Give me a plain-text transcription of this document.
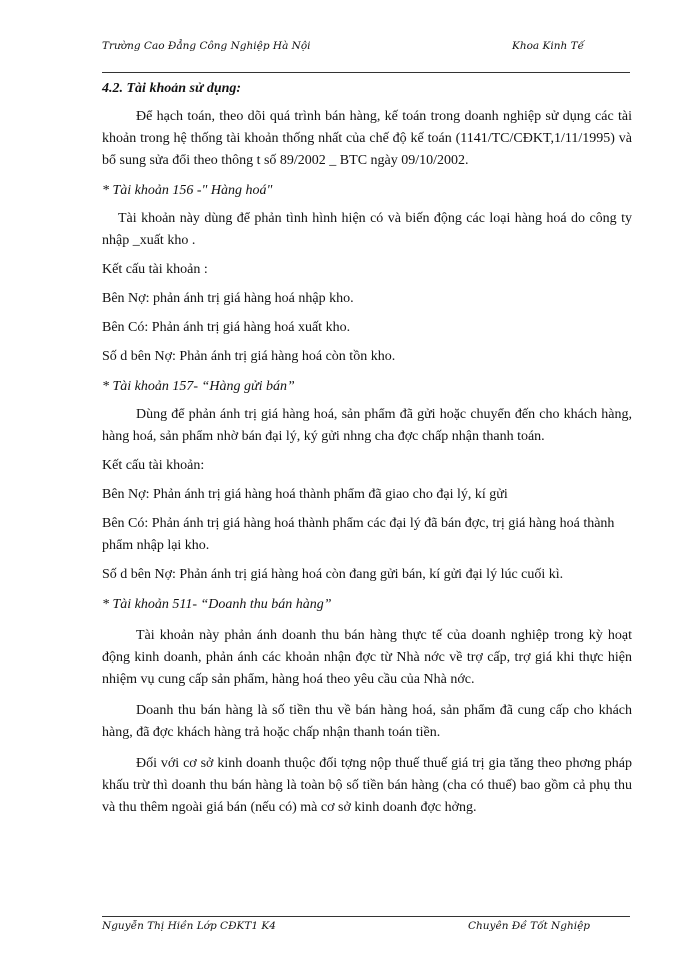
Trường Cao Đẳng Công Nghiệp Hà Nội	Khoa Kinh Tế

4.2. Tài khoản sử dụng:

Để hạch toán, theo dõi quá trình bán hàng, kế toán trong doanh nghiệp sử dụng các tài khoản trong hệ thống tài khoản thống nhất của chế độ kế toán (1141/TC/CĐKT,1/11/1995) và bổ sung sửa đổi theo thông t số 89/2002 _ BTC ngày 09/10/2002.

* Tài khoản 156 -" Hàng hoá"

Tài khoản này dùng để phản tình hình hiện có và biến động các loại hàng hoá do công ty nhập _xuất kho .

Kết cấu tài khoản :

Bên Nợ: phản ánh trị giá hàng hoá nhập kho.

Bên Có: Phản ánh trị giá hàng hoá xuất kho.

Số d bên Nợ: Phản ánh trị giá hàng hoá còn tồn kho.

* Tài khoản 157- “Hàng gửi bán”

Dùng để phản ánh trị giá hàng hoá, sản phẩm đã gửi hoặc chuyển đến cho khách hàng, hàng hoá, sản phẩm nhờ bán đại lý, ký gửi nhng cha đợc chấp nhận thanh toán.

Kết cấu tài khoản:

Bên Nợ: Phản ánh trị giá hàng hoá thành phẩm đã giao cho đại lý, kí gửi

Bên Có: Phản ánh trị giá hàng hoá thành phẩm các đại lý đã bán đợc, trị giá hàng hoá thành phẩm nhập lại kho.

Số d bên Nợ: Phản ánh trị giá hàng hoá còn đang gửi bán, kí gửi đại lý lúc cuối kì.

* Tài khoản 511- “Doanh thu bán hàng”

Tài khoản này phản ánh doanh thu bán hàng thực tế của doanh nghiệp trong kỳ hoạt động kinh doanh, phản ánh các khoản nhận đợc từ Nhà nớc về trợ cấp, trợ giá khi thực hiện nhiệm vụ cung cấp sản phẩm, hàng hoá theo yêu cầu của Nhà nớc.

Doanh thu bán hàng là số tiền thu về bán hàng hoá, sản phẩm đã cung cấp cho khách hàng, đã đợc khách hàng trả hoặc chấp nhận thanh toán tiền.

Đối với cơ sở kinh doanh thuộc đối tợng nộp thuế thuế giá trị gia tăng theo phơng pháp khấu trừ thì doanh thu bán hàng là toàn bộ số tiền bán hàng (cha có thuế) bao gồm cả phụ thu và thu thêm ngoài giá bán (nếu có) mà cơ sở kinh doanh đợc hởng.

Nguyễn Thị Hiền Lớp CĐKT1 K4	Chuyên Đề Tốt Nghiệp
